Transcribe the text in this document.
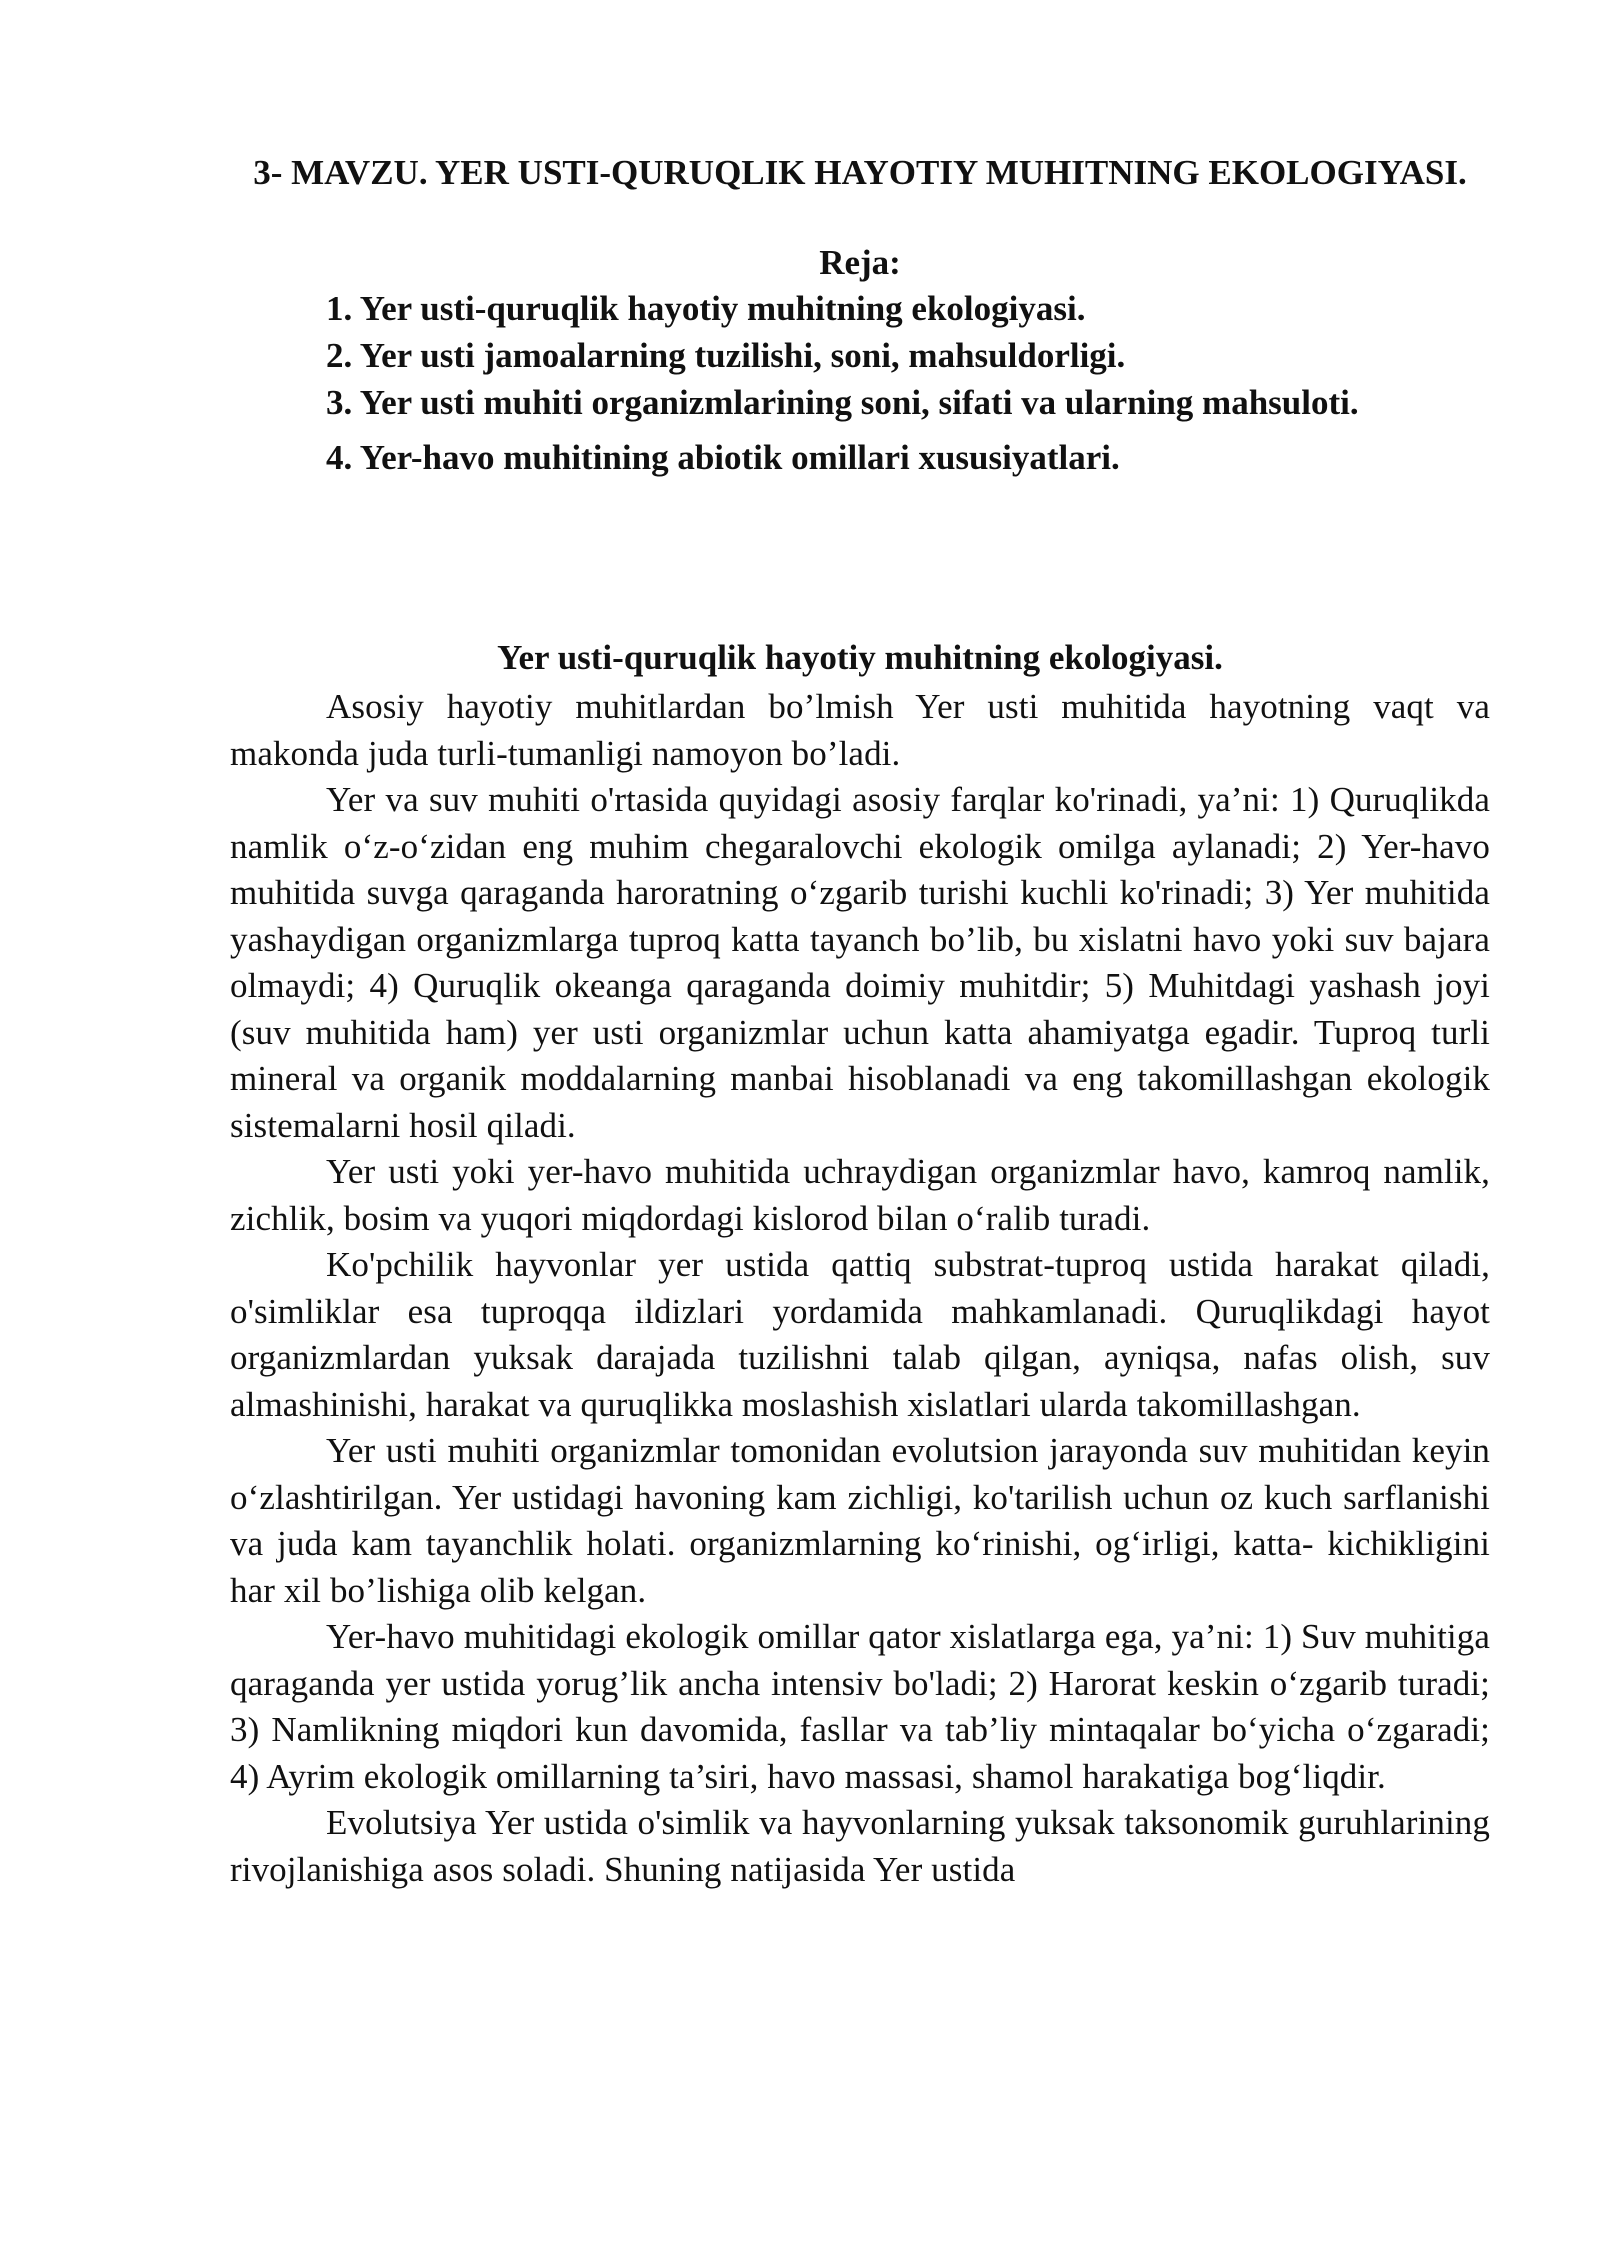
3- MAVZU. YER USTI-QURUQLIK HAYOTIY MUHITNING EKOLOGIYASI.
Reja:
1. Yer usti-quruqlik hayotiy muhitning ekologiyasi.
2. Yer usti jamoalarning tuzilishi, soni, mahsuldorligi.
3. Yer usti muhiti organizmlarining soni, sifati va ularning mahsuloti.
4. Yer-havo muhitining abiotik omillari xususiyatlari.
Yer usti-quruqlik hayotiy muhitning ekologiyasi.

Asosiy hayotiy muhitlardan bo’lmish Yer usti muhitida hayotning vaqt va makonda juda turli-tumanligi namoyon bo’ladi.

Yer va suv muhiti o'rtasida quyidagi asosiy farqlar ko'rinadi, ya’ni: 1) Quruqlikda namlik o‘z-o‘zidan eng muhim chegaralovchi ekologik omilga aylanadi; 2) Yer-havo muhitida suvga qaraganda haroratning o‘zgarib turishi kuchli ko'rinadi; 3) Yer muhitida yashaydigan organizmlarga tuproq katta tayanch bo’lib, bu xislatni havo yoki suv bajara olmaydi; 4) Quruqlik okeanga qaraganda doimiy muhitdir; 5) Muhitdagi yashash joyi (suv muhitida ham) yer usti organizmlar uchun katta ahamiyatga egadir. Tuproq turli mineral va organik moddalarning manbai hisoblanadi va eng takomillashgan ekologik sistemalarni hosil qiladi.

Yer usti yoki yer-havo muhitida uchraydigan organizmlar havo, kamroq namlik, zichlik, bosim va yuqori miqdordagi kislorod bilan o‘ralib turadi.

Ko'pchilik hayvonlar yer ustida qattiq substrat-tuproq ustida harakat qiladi, o'simliklar esa tuproqqa ildizlari yordamida mahkamlanadi. Quruqlikdagi hayot organizmlardan yuksak darajada tuzilishni talab qilgan, ayniqsa, nafas olish, suv almashinishi, harakat va quruqlikka moslashish xislatlari ularda takomillashgan.

Yer usti muhiti organizmlar tomonidan evolutsion jarayonda suv muhitidan keyin o‘zlashtirilgan. Yer ustidagi havoning kam zichligi, ko'tarilish uchun oz kuch sarflanishi va juda kam tayanchlik holati. organizmlarning ko‘rinishi, og‘irligi, katta- kichikligini har xil bo’lishiga olib kelgan.

Yer-havo muhitidagi ekologik omillar qator xislatlarga ega, ya’ni: 1) Suv muhitiga qaraganda yer ustida yorug’lik ancha intensiv bo'ladi; 2) Harorat keskin o‘zgarib turadi; 3) Namlikning miqdori kun davomida, fasllar va tab’liy mintaqalar bo‘yicha o‘zgaradi; 4) Ayrim ekologik omillarning ta’siri, havo massasi, shamol harakatiga bog‘liqdir.

Evolutsiya Yer ustida o'simlik va hayvonlarning yuksak taksonomik guruhlarining rivojlanishiga asos soladi. Shuning natijasida Yer ustida
